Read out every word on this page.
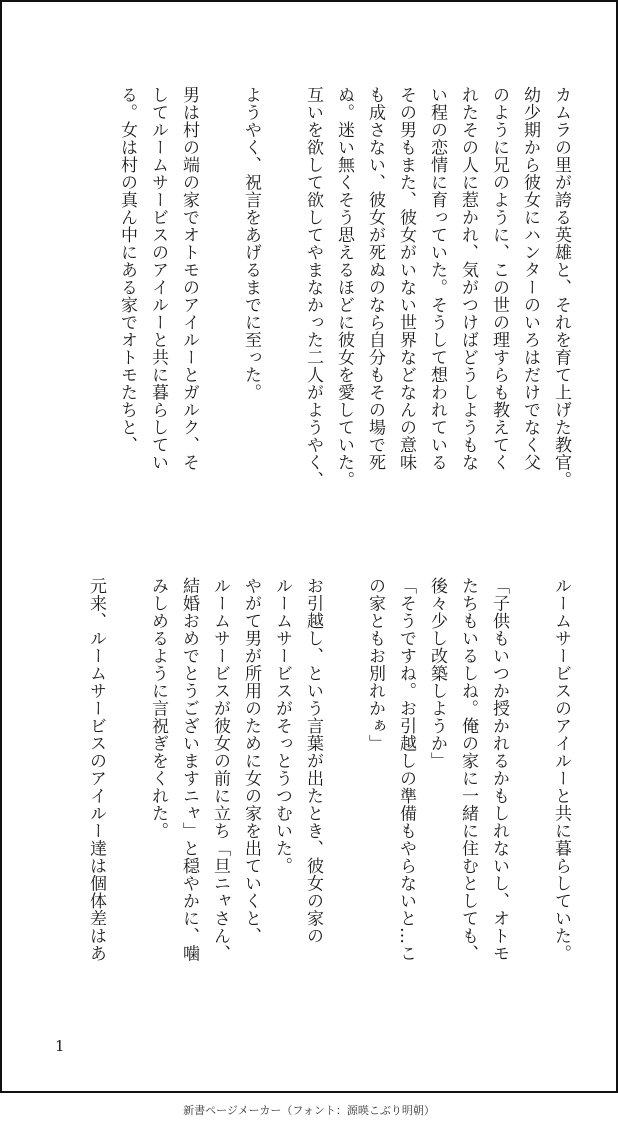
カムラの里が誇る英雄と、それを育て上げた教官。

幼少期から彼女にハンターのいろはだけでなく父

のように兄のように、この世の理すらも教えてく

れたその人に惹かれ、気がつけばどうしようもな

い程の恋情に育っていた。そうして想われている

その男もまた、彼女がいない世界などなんの意味

も成さない、彼女が死ぬのなら自分もその場で死

ぬ。迷い無くそう思えるほどに彼女を愛していた。

互いを欲して欲してやまなかった二人がようやく、

ようやく、祝言をあげるまでに至った。

男は村の端の家でオトモのアイルーとガルク、そ

してルームサービスのアイルーと共に暮らしてい

る。女は村の真ん中にある家でオトモたちと、

ルームサービスのアイルーと共に暮らしていた。

「子供もいつか授かれるかもしれないし、オトモ

たちもいるしね。俺の家に一緒に住むとしても、

後々少し改築しようか」

「そうですね。お引越しの準備もやらないと…こ

の家ともお別れかぁ」

お引越し、という言葉が出たとき、彼女の家の

ルームサービスがそっとうつむいた。

やがて男が所用のために女の家を出ていくと、

ルームサービスが彼女の前に立ち「旦ニャさん、

結婚おめでとうございますニャ」と穏やかに、噛

みしめるように言祝ぎをくれた。

元来、ルームサービスのアイルー達は個体差はあ

1
新書ページメーカー（フォント：源暎こぶり明朝）
